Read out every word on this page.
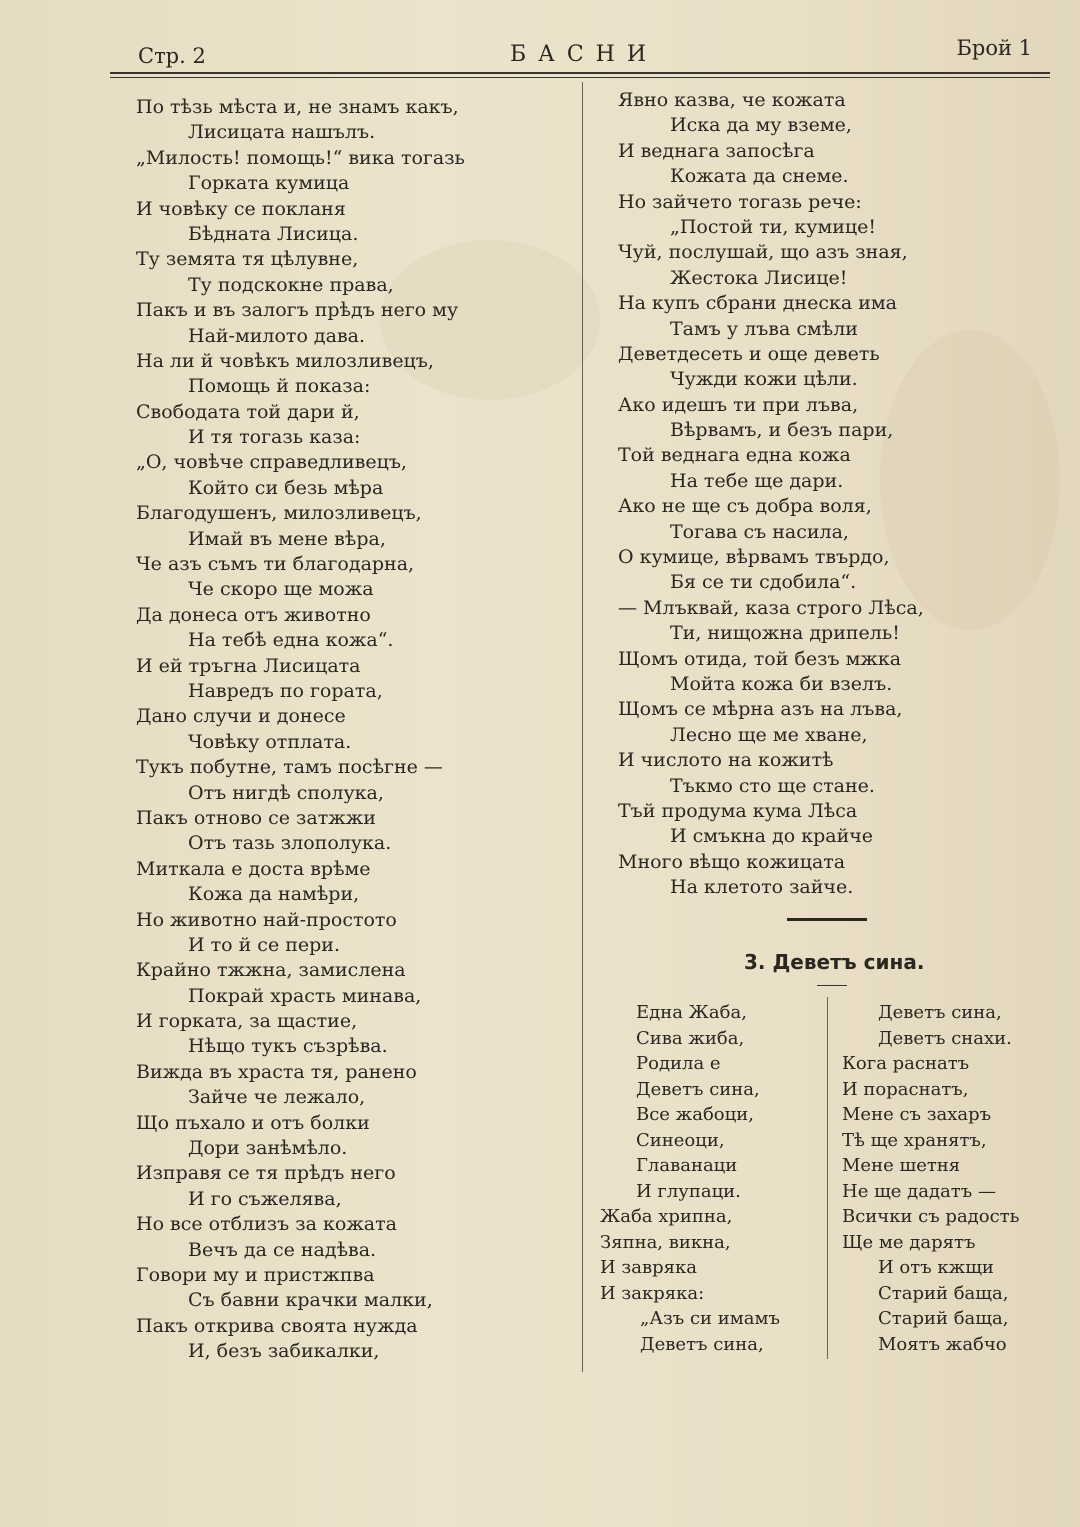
Стр. 2	БАСНИ	Брой 1
По тѣзь мѣста и, не знамъ какъ,
Лисицата нашълъ.
„Милость! помощь!“ вика тогазь
Горката кумица
И човѣку се покланя
Бѣдната Лисица.
Ту земята тя цѣлувне,
Ту подскокне права,
Пакъ и въ залогъ прѣдъ него му
Най-милото дава.
На ли й човѣкъ милозливецъ,
Помощь й показа:
Свободата той дари й,
И тя тогазь каза:
„О, човѣче справедливецъ,
Който си безь мѣра
Благодушенъ, милозливецъ,
Имай въ мене вѣра,
Че азъ съмъ ти благодарна,
Че скоро ще можа
Да донеса отъ животно
На тебѣ една кожа“.
И ей тръгна Лисицата
Навредъ по гората,
Дано случи и донесе
Човѣку отплата.
Тукъ побутне, тамъ посѣгне —
Отъ нигдѣ сполука,
Пакъ отново се затжжи
Отъ тазь злополука.
Миткала е доста врѣме
Кожа да намѣри,
Но животно най-простото
И то й се пери.
Крайно тжжна, замислена
Покрай храсть минава,
И горката, за щастие,
Нѣщо тукъ съзрѣва.
Вижда въ храста тя, ранено
Зайче че лежало,
Що пъхало и отъ болки
Дори занѣмѣло.
Изправя се тя прѣдъ него
И го съжелява,
Но все отблизъ за кожата
Вечъ да се надѣва.
Говори му и пристжпва
Съ бавни крачки малки,
Пакъ открива своята нужда
И, безъ забикалки,
Явно казва, че кожата
Иска да му вземе,
И веднага запосѣга
Кожата да снеме.
Но зайчето тогазь рече:
„Постой ти, кумице!
Чуй, послушай, що азъ зная,
Жестока Лисице!
На купъ сбрани днеска има
Тамъ у лъва смѣли
Деветдесеть и още деветь
Чужди кожи цѣли.
Ако идешъ ти при лъва,
Вѣрвамъ, и безъ пари,
Той веднага една кожа
На тебе ще дари.
Ако не ще съ добра воля,
Тогава съ насила,
О кумице, вѣрвамъ твърдо,
Бя се ти сдобила“.
— Млъквай, каза строго Лѣса,
Ти, нищожна дрипель!
Щомъ отида, той безъ мжка
Мойта кожа би взелъ.
Щомъ се мѣрна азъ на лъва,
Лесно ще ме хване,
И числото на кожитѣ
Тъкмо сто ще стане.
Тъй продума кума Лѣса
И смъкна до крайче
Много вѣщо кожицата
На клетото зайче.
3. Деветъ сина.
Една Жаба,
Сива жиба,
Родила е
Деветъ сина,
Все жабоци,
Синеоци,
Главанаци
И глупаци.
Жаба хрипна,
Зяпна, викна,
И завряка
И закряка:
„Азъ си имамъ
Деветъ сина,
Деветъ сина,
Деветъ снахи.
Кога раснатъ
И пораснатъ,
Мене съ захаръ
Тѣ ще хранятъ,
Мене шетня
Не ще дадатъ —
Всички съ радость
Ще ме дарятъ
И отъ кжщи
Старий баща,
Старий баща,
Моятъ жабчо
